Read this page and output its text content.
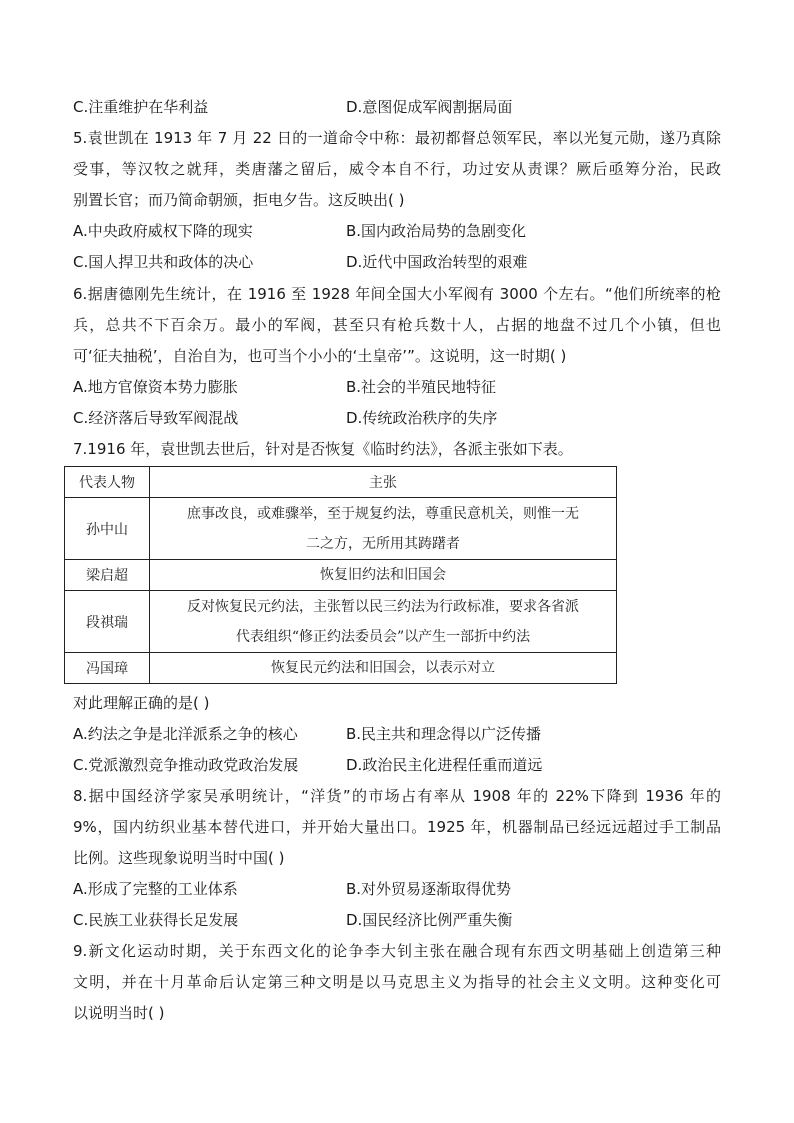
C.注重维护在华利益	D.意图促成军阀割据局面
5.袁世凯在 1913 年 7 月 22 日的一道命令中称：最初都督总领军民，率以光复元勋，遂乃真除
受事，等汉牧之就拜，类唐藩之留后，威令本自不行，功过安从责课？厥后亟筹分治，民政
别置长官；而乃简命朝颁，拒电夕告。这反映出( )
A.中央政府威权下降的现实	B.国内政治局势的急剧变化
C.国人捍卫共和政体的决心	D.近代中国政治转型的艰难
6.据唐德刚先生统计，在 1916 至 1928 年间全国大小军阀有 3000 个左右。“他们所统率的枪
兵，总共不下百余万。最小的军阀，甚至只有枪兵数十人，占据的地盘不过几个小镇，但也
可‘征夫抽税’，自治自为，也可当个小小的‘土皇帝’”。这说明，这一时期( )
A.地方官僚资本势力膨胀	B.社会的半殖民地特征
C.经济落后导致军阀混战	D.传统政治秩序的失序
7.1916 年，袁世凯去世后，针对是否恢复《临时约法》，各派主张如下表。
代表人物	主张
孙中山	庶事改良，或难骤举，至于规复约法，尊重民意机关，则惟一无
二之方，无所用其踌躇者

梁启超	恢复旧约法和旧国会

段祺瑞	反对恢复民元约法，主张暂以民三约法为行政标准，要求各省派
代表组织“修正约法委员会”以产生一部折中约法

冯国璋	恢复民元约法和旧国会，以表示对立
对此理解正确的是( )
A.约法之争是北洋派系之争的核心	B.民主共和理念得以广泛传播
C.党派激烈竞争推动政党政治发展	D.政治民主化进程任重而道远
8.据中国经济学家吴承明统计，“洋货”的市场占有率从 1908 年的 22%下降到 1936 年的
9%，国内纺织业基本替代进口，并开始大量出口。1925 年，机器制品已经远远超过手工制品
比例。这些现象说明当时中国( )
A.形成了完整的工业体系	B.对外贸易逐渐取得优势
C.民族工业获得长足发展	D.国民经济比例严重失衡
9.新文化运动时期，关于东西文化的论争李大钊主张在融合现有东西文明基础上创造第三种
文明，并在十月革命后认定第三种文明是以马克思主义为指导的社会主义文明。这种变化可
以说明当时( )
